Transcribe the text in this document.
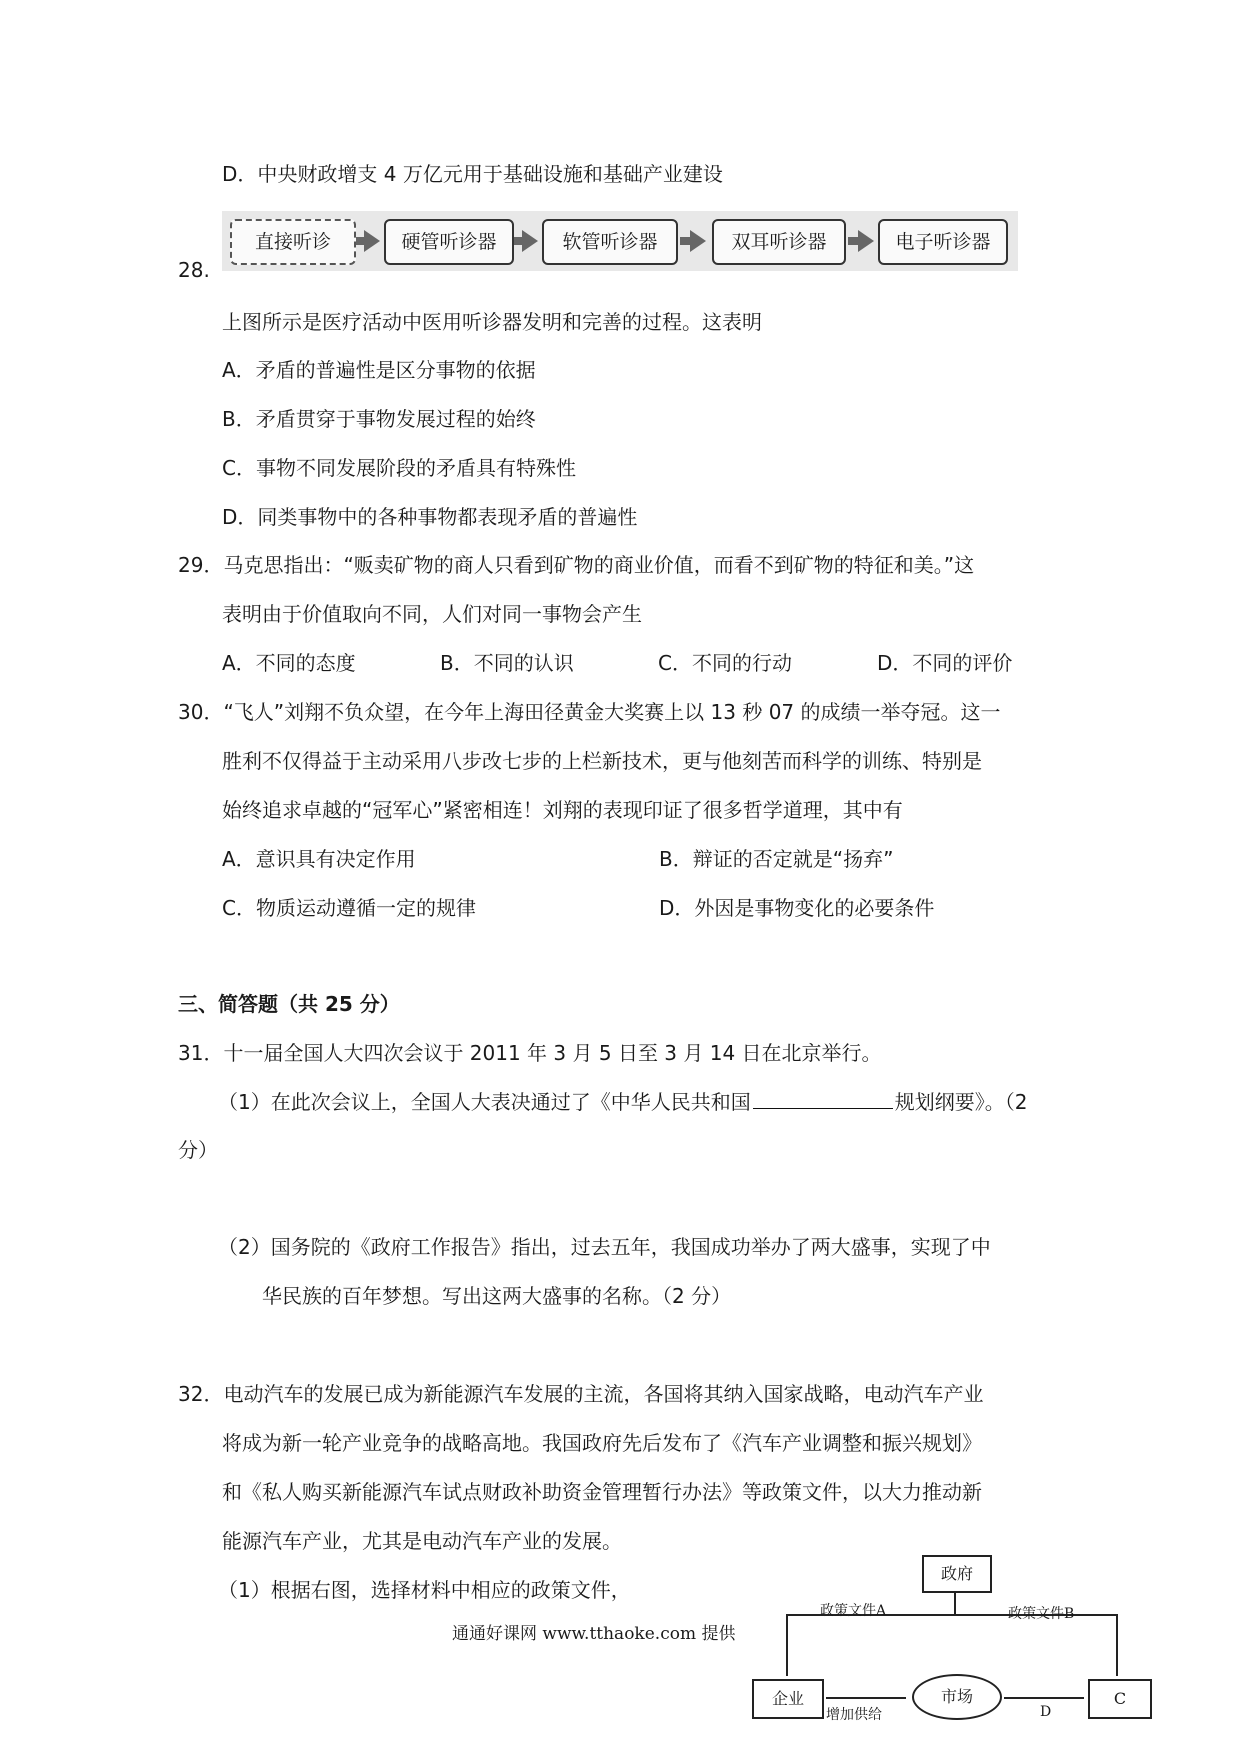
D．中央财政增支 4 万亿元用于基础设施和基础产业建设
28.
直接听诊	硬管听诊器	软管听诊器	双耳听诊器	电子听诊器
上图所示是医疗活动中医用听诊器发明和完善的过程。这表明
A．矛盾的普遍性是区分事物的依据
B．矛盾贯穿于事物发展过程的始终
C．事物不同发展阶段的矛盾具有特殊性
D．同类事物中的各种事物都表现矛盾的普遍性
29．马克思指出：“贩卖矿物的商人只看到矿物的商业价值，而看不到矿物的特征和美。”这
表明由于价值取向不同，人们对同一事物会产生
A．不同的态度	B．不同的认识	C．不同的行动	D．不同的评价
30．“飞人”刘翔不负众望，在今年上海田径黄金大奖赛上以 13 秒 07 的成绩一举夺冠。这一
胜利不仅得益于主动采用八步改七步的上栏新技术，更与他刻苦而科学的训练、特别是
始终追求卓越的“冠军心”紧密相连！刘翔的表现印证了很多哲学道理，其中有
A．意识具有决定作用	B．辩证的否定就是“扬弃”
C．物质运动遵循一定的规律	D．外因是事物变化的必要条件
三、简答题（共 25 分）
31．十一届全国人大四次会议于 2011 年 3 月 5 日至 3 月 14 日在北京举行。
（1）在此次会议上，全国人大表决通过了《中华人民共和国	规划纲要》。（2
分）
（2）国务院的《政府工作报告》指出，过去五年，我国成功举办了两大盛事，实现了中
华民族的百年梦想。写出这两大盛事的名称。（2 分）
32．电动汽车的发展已成为新能源汽车发展的主流，各国将其纳入国家战略，电动汽车产业
将成为新一轮产业竞争的战略高地。我国政府先后发布了《汽车产业调整和振兴规划》
和《私人购买新能源汽车试点财政补助资金管理暂行办法》等政策文件，以大力推动新
能源汽车产业，尤其是电动汽车产业的发展。
（1）根据右图，选择材料中相应的政策文件，
通通好课网 www.tthaoke.com 提供
政府
政策文件A	政策文件B
企业	市场	C
增加供给	D
